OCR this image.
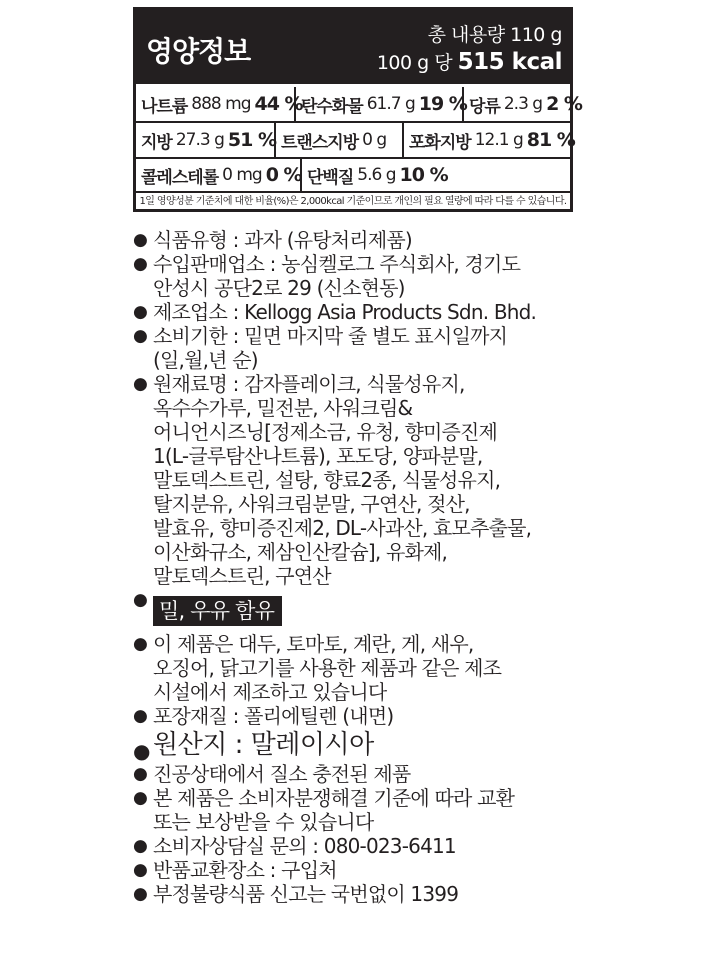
영양정보	총 내용량 110 g
100 g 당 515 kcal
나트륨 888 mg 44 %
탄수화물 61.7 g 19 % 당류 2.3 g 2 %
지방 27.3 g 51 % 트랜스지방 0 g 포화지방 12.1 g 81 %
콜레스테롤 0 mg 0 % 단백질 5.6 g 10 %
1일 영양성분 기준치에 대한 비율(%)은 2,000kcal 기준이므로 개인의 필요 열량에 따라 다를 수 있습니다.
● 식품유형 : 과자 (유탕처리제품)
● 수입판매업소 : 농심켈로그 주식회사, 경기도
안성시 공단2로 29 (신소현동)
● 제조업소 : Kellogg Asia Products Sdn. Bhd.
● 소비기한 : 밑면 마지막 줄 별도 표시일까지
(일,월,년 순)
● 원재료명 : 감자플레이크, 식물성유지,
옥수수가루, 밀전분, 사워크림&
어니언시즈닝[정제소금, 유청, 향미증진제
1(L-글루탐산나트륨), 포도당, 양파분말,
말토덱스트린, 설탕, 향료2종, 식물성유지,
탈지분유, 사워크림분말, 구연산, 젖산,
발효유, 향미증진제2, DL-사과산, 효모추출물,
이산화규소, 제삼인산칼슘], 유화제,
말토덱스트린, 구연산
● 밀, 우유 함유
● 이 제품은 대두, 토마토, 계란, 게, 새우,
오징어, 닭고기를 사용한 제품과 같은 제조
시설에서 제조하고 있습니다
● 포장재질 : 폴리에틸렌 (내면)
● 원산지 : 말레이시아
● 진공상태에서 질소 충전된 제품
● 본 제품은 소비자분쟁해결 기준에 따라 교환
또는 보상받을 수 있습니다
● 소비자상담실 문의 : 080-023-6411
● 반품교환장소 : 구입처
● 부정불량식품 신고는 국번없이 1399
